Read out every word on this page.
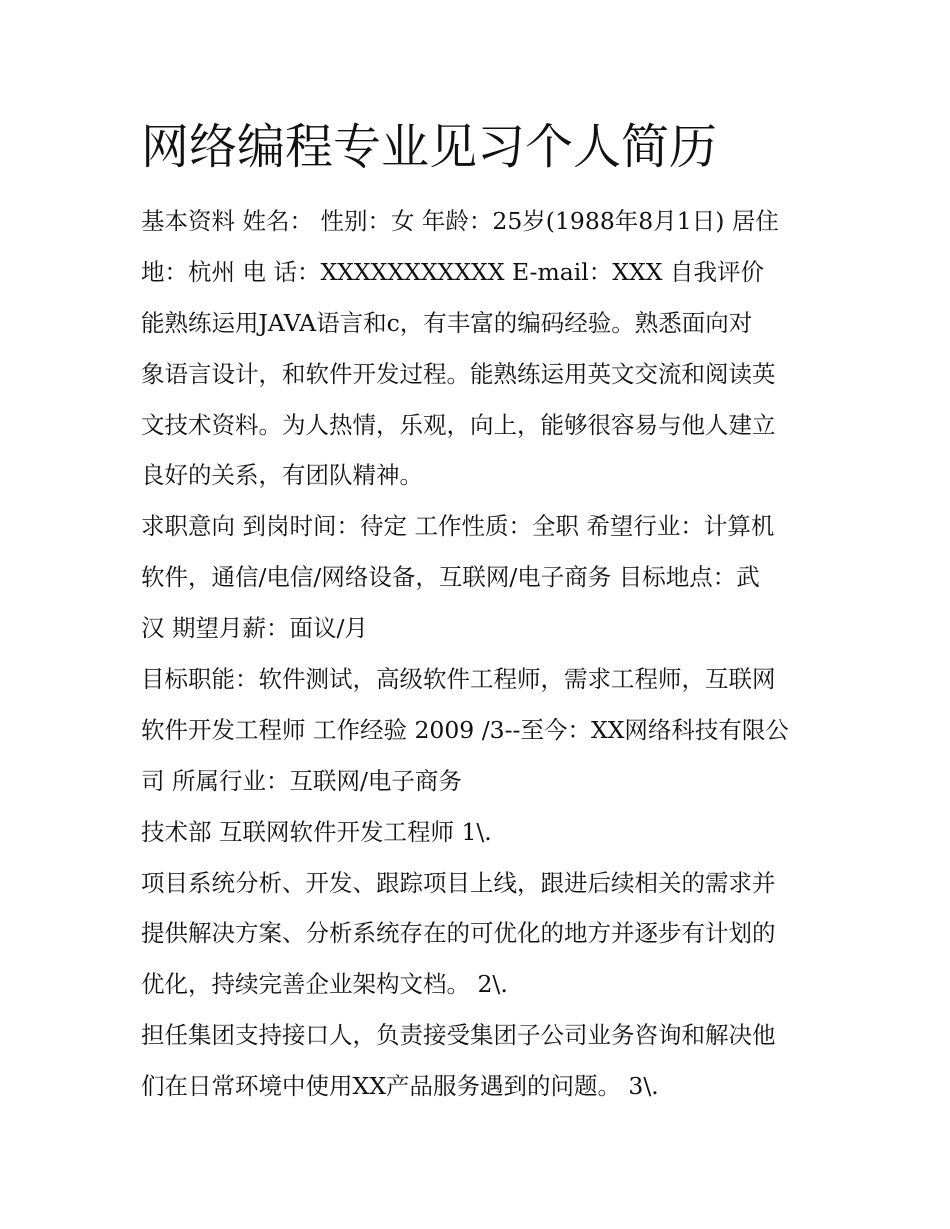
网络编程专业见习个人简历
基本资料 姓名： 性别：女 年龄：25岁(1988年8月1日) 居住
地：杭州 电 话：XXXXXXXXXXX E-mail：XXX 自我评价
能熟练运用JAVA语言和c，有丰富的编码经验。熟悉面向对
象语言设计，和软件开发过程。能熟练运用英文交流和阅读英
文技术资料。为人热情，乐观，向上，能够很容易与他人建立
良好的关系，有团队精神。
求职意向 到岗时间：待定 工作性质：全职 希望行业：计算机
软件，通信/电信/网络设备，互联网/电子商务 目标地点：武
汉 期望月薪：面议/月
目标职能：软件测试，高级软件工程师，需求工程师，互联网
软件开发工程师 工作经验 2009 /3--至今：XX网络科技有限公
司 所属行业：互联网/电子商务
技术部 互联网软件开发工程师 1\.
项目系统分析、开发、跟踪项目上线，跟进后续相关的需求并
提供解决方案、分析系统存在的可优化的地方并逐步有计划的
优化，持续完善企业架构文档。 2\.
担任集团支持接口人，负责接受集团子公司业务咨询和解决他
们在日常环境中使用XX产品服务遇到的问题。 3\.
